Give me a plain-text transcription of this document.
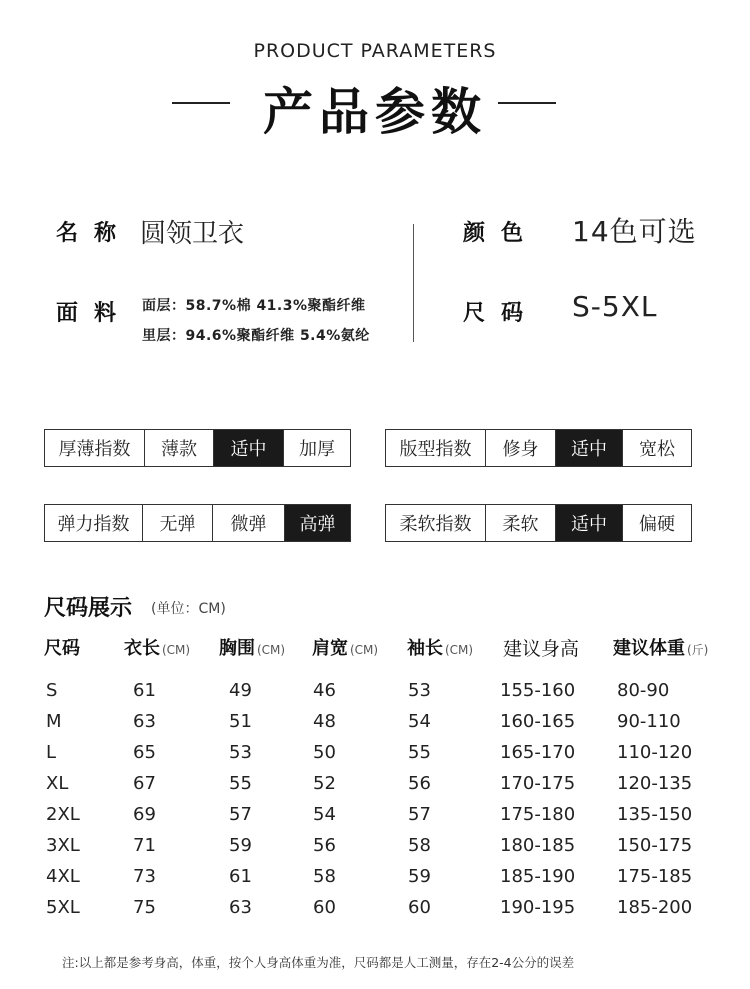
PRODUCT PARAMETERS
产品参数
名称 圆领卫衣
面料 面层：58.7%棉 41.3%聚酯纤维
里层：94.6%聚酯纤维 5.4%氨纶
颜色 14色可选
尺码 S-5XL
厚薄指数	薄款	适中	加厚	版型指数	修身	适中	宽松
弹力指数	无弹	微弹	高弹	柔软指数	柔软	适中	偏硬
尺码展示 (单位：CM)
尺码 衣长 (CM) 胸围 (CM) 肩宽 (CM) 袖长 (CM) 建议身高 建议体重 (斤)
S	61	49	46	53	155-160 80-90
M	63	51	48	54	160-165 90-110
L	65	53	50	55	165-170 110-120
XL	67	55	52	56	170-175 120-135
2XL	69	57	54	57	175-180 135-150
3XL	71	59	56	58	180-185 150-175
4XL	73	61	58	59	185-190 175-185
5XL	75	63	60	60	190-195 185-200
注:以上都是参考身高，体重，按个人身高体重为准，尺码都是人工测量，存在2-4公分的误差
